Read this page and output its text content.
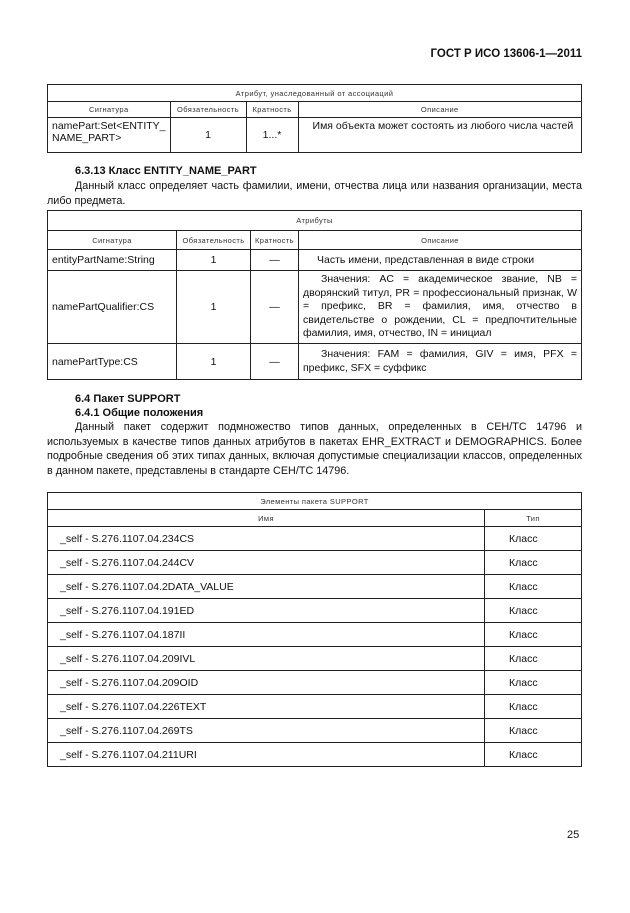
ГОСТ Р ИСО 13606-1—2011
Атрибут, унаследованный от ассоциаций			
Сигнатура	Обязательность	Кратность	Описание
namePart:Set<ENTITY_ NAME_PART>	1	1...*	Имя объекта может состоять из любого числа частей
6.3.13 Класс ENTITY_NAME_PART
Данный класс определяет часть фамилии, имени, отчества лица или названия организации, места либо предмета.
Атрибуты			
Сигнатура	Обязательность	Кратность	Описание
entityPartName:String	1	—	Часть имени, представленная в виде строки
namePartQualifier:CS	1	—	Значения: AC = академическое звание, NB = дворянский титул, PR = профессиональный признак, W = префикс, BR = фамилия, имя, отчество в свидетельстве о рождении, CL = предпочтительные фамилия, имя, отчество, IN = инициал
namePartType:CS	1	—	Значения: FAM = фамилия, GIV = имя, PFX = префикс, SFX = суффикс
6.4 Пакет SUPPORT
6.4.1 Общие положения
Данный пакет содержит подмножество типов данных, определенных в CEH/TC 14796 и используемых в качестве типов данных атрибутов в пакетах EHR_EXTRACT и DEMOGRAPHICS. Более подробные сведения об этих типах данных, включая допустимые специализации классов, определенных в данном пакете, представлены в стандарте CEH/TC 14796.
Элементы пакета SUPPORT	
Имя	Тип
_self - S.276.1107.04.234CS	Класс
_self - S.276.1107.04.244CV	Класс
_self - S.276.1107.04.2DATA_VALUE	Класс
_self - S.276.1107.04.191ED	Класс
_self - S.276.1107.04.187II	Класс
_self - S.276.1107.04.209IVL	Класс
_self - S.276.1107.04.209OID	Класс
_self - S.276.1107.04.226TEXT	Класс
_self - S.276.1107.04.269TS	Класс
_self - S.276.1107.04.211URI	Класс
25
